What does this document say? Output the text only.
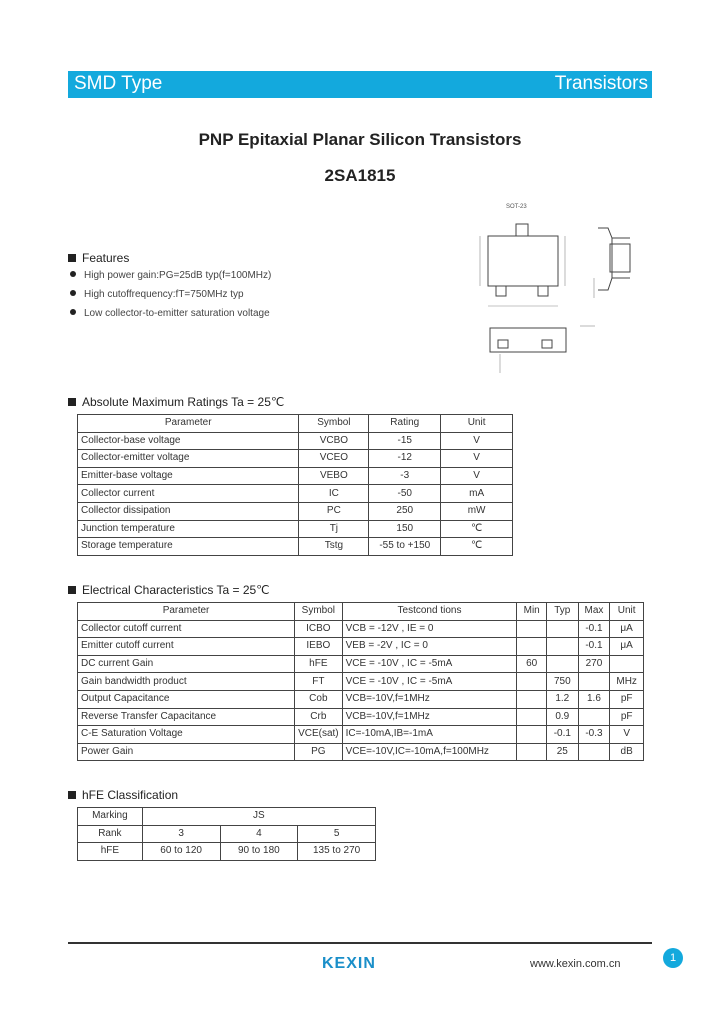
SMD Type	Transistors
PNP Epitaxial Planar Silicon Transistors
2SA1815
SOT-23
Features
High power gain:PG=25dB typ(f=100MHz)
High cutoffrequency:fT=750MHz typ
Low collector-to-emitter saturation voltage
Absolute Maximum Ratings Ta = 25℃
Parameter	Symbol	Rating	Unit
Collector-base voltage	VCBO	-15	V
Collector-emitter voltage	VCEO	-12	V
Emitter-base voltage	VEBO	-3	V
Collector current	IC	-50	mA
Collector dissipation	PC	250	mW
Junction temperature	Tj	150	℃
Storage temperature	Tstg	-55 to +150	℃
Electrical Characteristics Ta = 25℃
Parameter	Symbol	Testcond tions	Min	Typ	Max	Unit
Collector cutoff current	ICBO	VCB = -12V , IE = 0			-0.1	μA
Emitter cutoff current	IEBO	VEB = -2V , IC = 0			-0.1	μA
DC current Gain	hFE	VCE = -10V , IC = -5mA	60		270	
Gain bandwidth product	FT	VCE = -10V , IC = -5mA		750		MHz
Output Capacitance	Cob	VCB=-10V,f=1MHz		1.2	1.6	pF
Reverse Transfer Capacitance	Crb	VCB=-10V,f=1MHz		0.9		pF
C-E Saturation Voltage	VCE(sat)	IC=-10mA,IB=-1mA		-0.1	-0.3	V
Power Gain	PG	VCE=-10V,IC=-10mA,f=100MHz		25		dB
hFE Classification
Marking	JS		
Rank	3	4	5
hFE	60 to 120	90 to 180	135 to 270
KEXIN	www.kexin.com.cn	1
